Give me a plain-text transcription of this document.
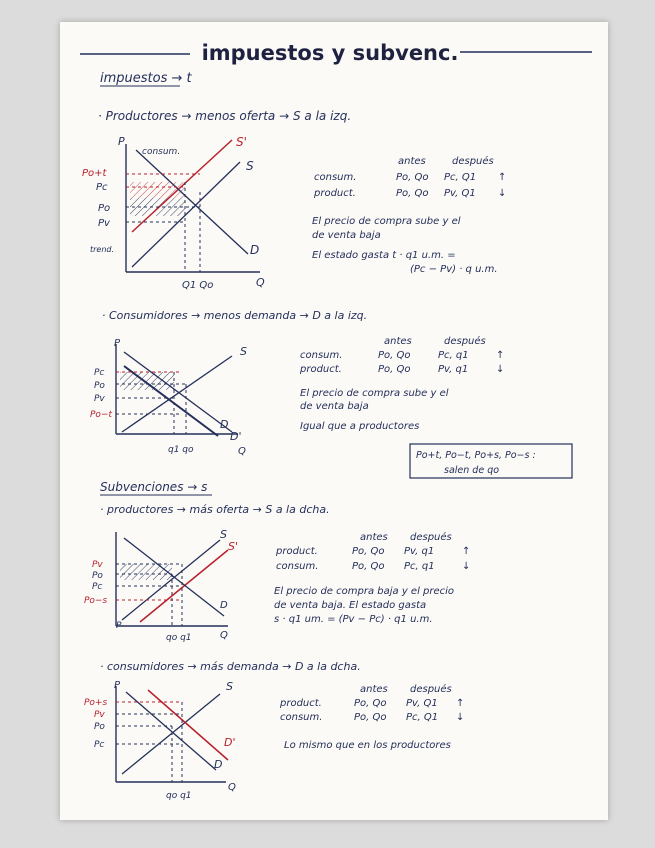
impuestos y subvenc.
impuestos → t
· Productores → menos oferta → S a la izq.
P
Q
S'
S
D
consum.
Po+t
Pc
Po
Pv
trend.
Q1 Qo
antes	después
consum.	Po, Qo Pc, Q1 ↑
product.	Po, Qo Pv, Q1 ↓
El precio de compra sube y el
de venta baja
El estado gasta t · q1 u.m. =
(Pc − Pv) · q u.m.
· Consumidores → menos demanda → D a la izq.
P
Q
S
D
D'
Pc
Po
Pv
Po−t
q1 qo
antes	después
consum.	Po, Qo	Pc, q1	↑
product.	Po, Qo	Pv, q1	↓
El precio de compra sube y el
de venta baja
Igual que a productores
Po+t, Po−t, Po+s, Po−s :
salen de qo
Subvenciones → s
· productores → más oferta → S a la dcha.
P
Q
S
S'
D
Pv
Po
Pc
Po−s
qo q1
antes después
product.	Po, Qo Pv, q1	↑
consum.	Po, Qo Pc, q1	↓
El precio de compra baja y el precio
de venta baja. El estado gasta
s · q1 um. = (Pv − Pc) · q1 u.m.
· consumidores → más demanda → D a la dcha.
P
Q
S
D'
D
Po+s
Pv
Po
Pc
qo q1
antes después
product.	Po, Qo Pv, Q1 ↑
consum.	Po, Qo Pc, Q1 ↓
Lo mismo que en los productores
